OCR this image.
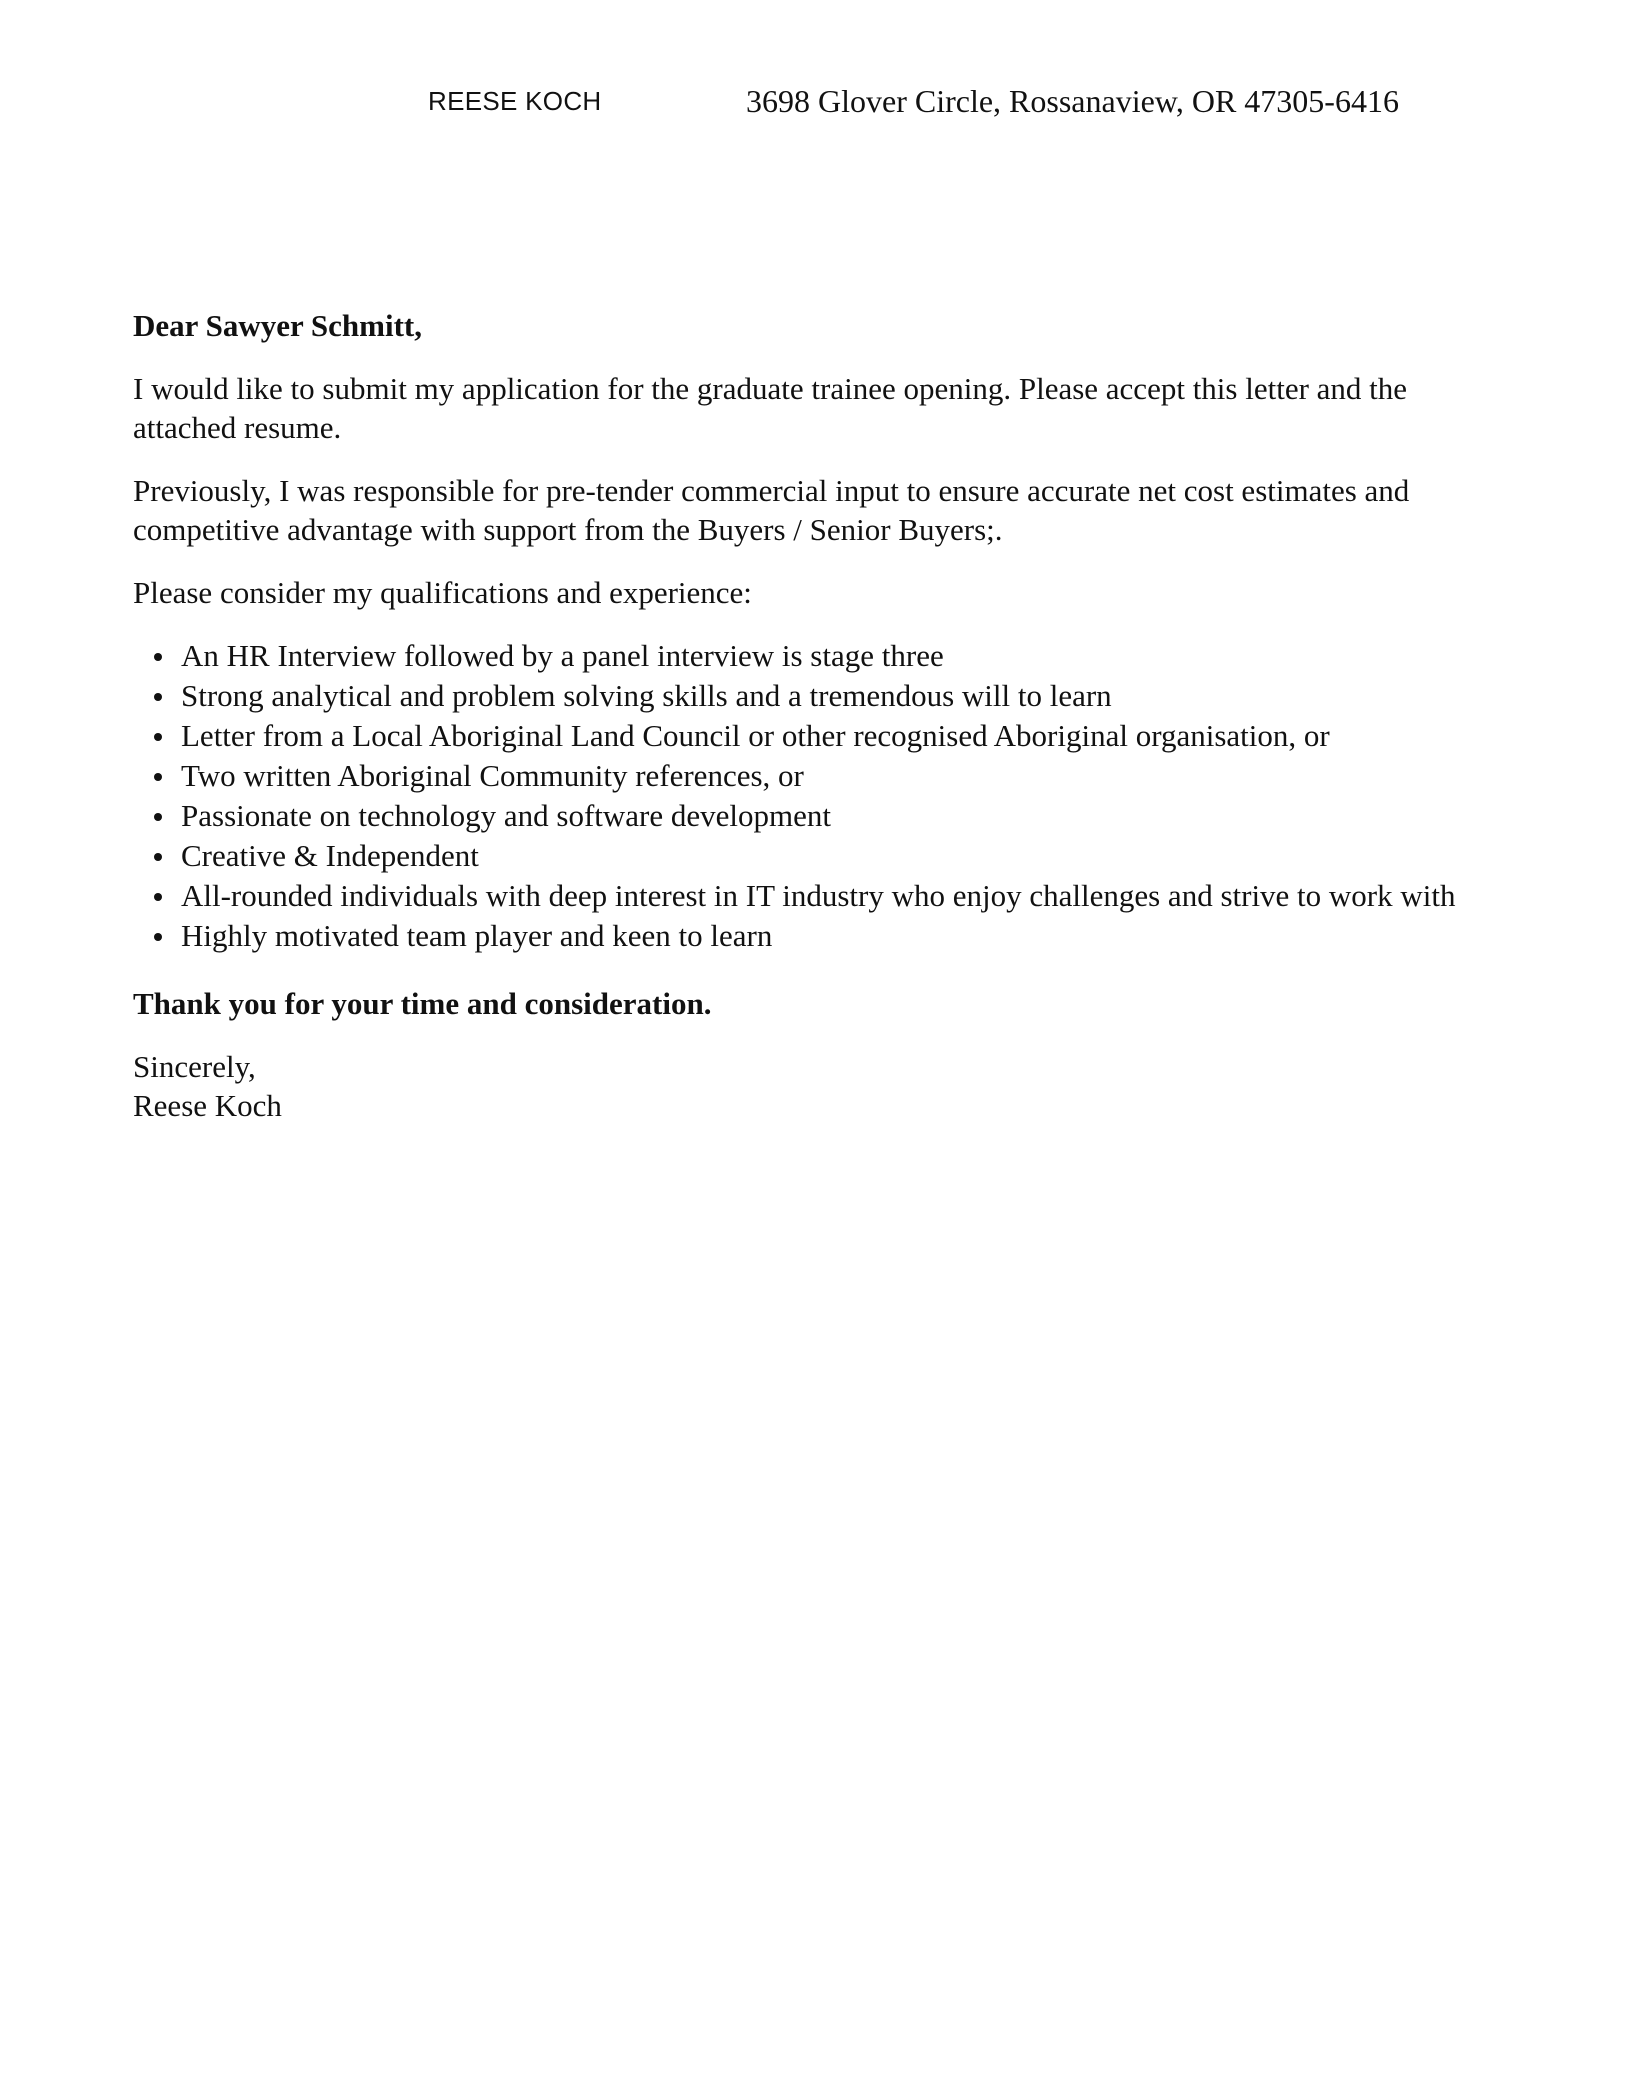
REESE KOCH	3698 Glover Circle, Rossanaview, OR 47305-6416

Dear Sawyer Schmitt,

I would like to submit my application for the graduate trainee opening. Please accept this letter and the attached resume.

Previously, I was responsible for pre-tender commercial input to ensure accurate net cost estimates and competitive advantage with support from the Buyers / Senior Buyers;.

Please consider my qualifications and experience:

An HR Interview followed by a panel interview is stage three
Strong analytical and problem solving skills and a tremendous will to learn
Letter from a Local Aboriginal Land Council or other recognised Aboriginal organisation, or
Two written Aboriginal Community references, or
Passionate on technology and software development
Creative & Independent
All-rounded individuals with deep interest in IT industry who enjoy challenges and strive to work with
Highly motivated team player and keen to learn

Thank you for your time and consideration.

Sincerely,

Reese Koch
